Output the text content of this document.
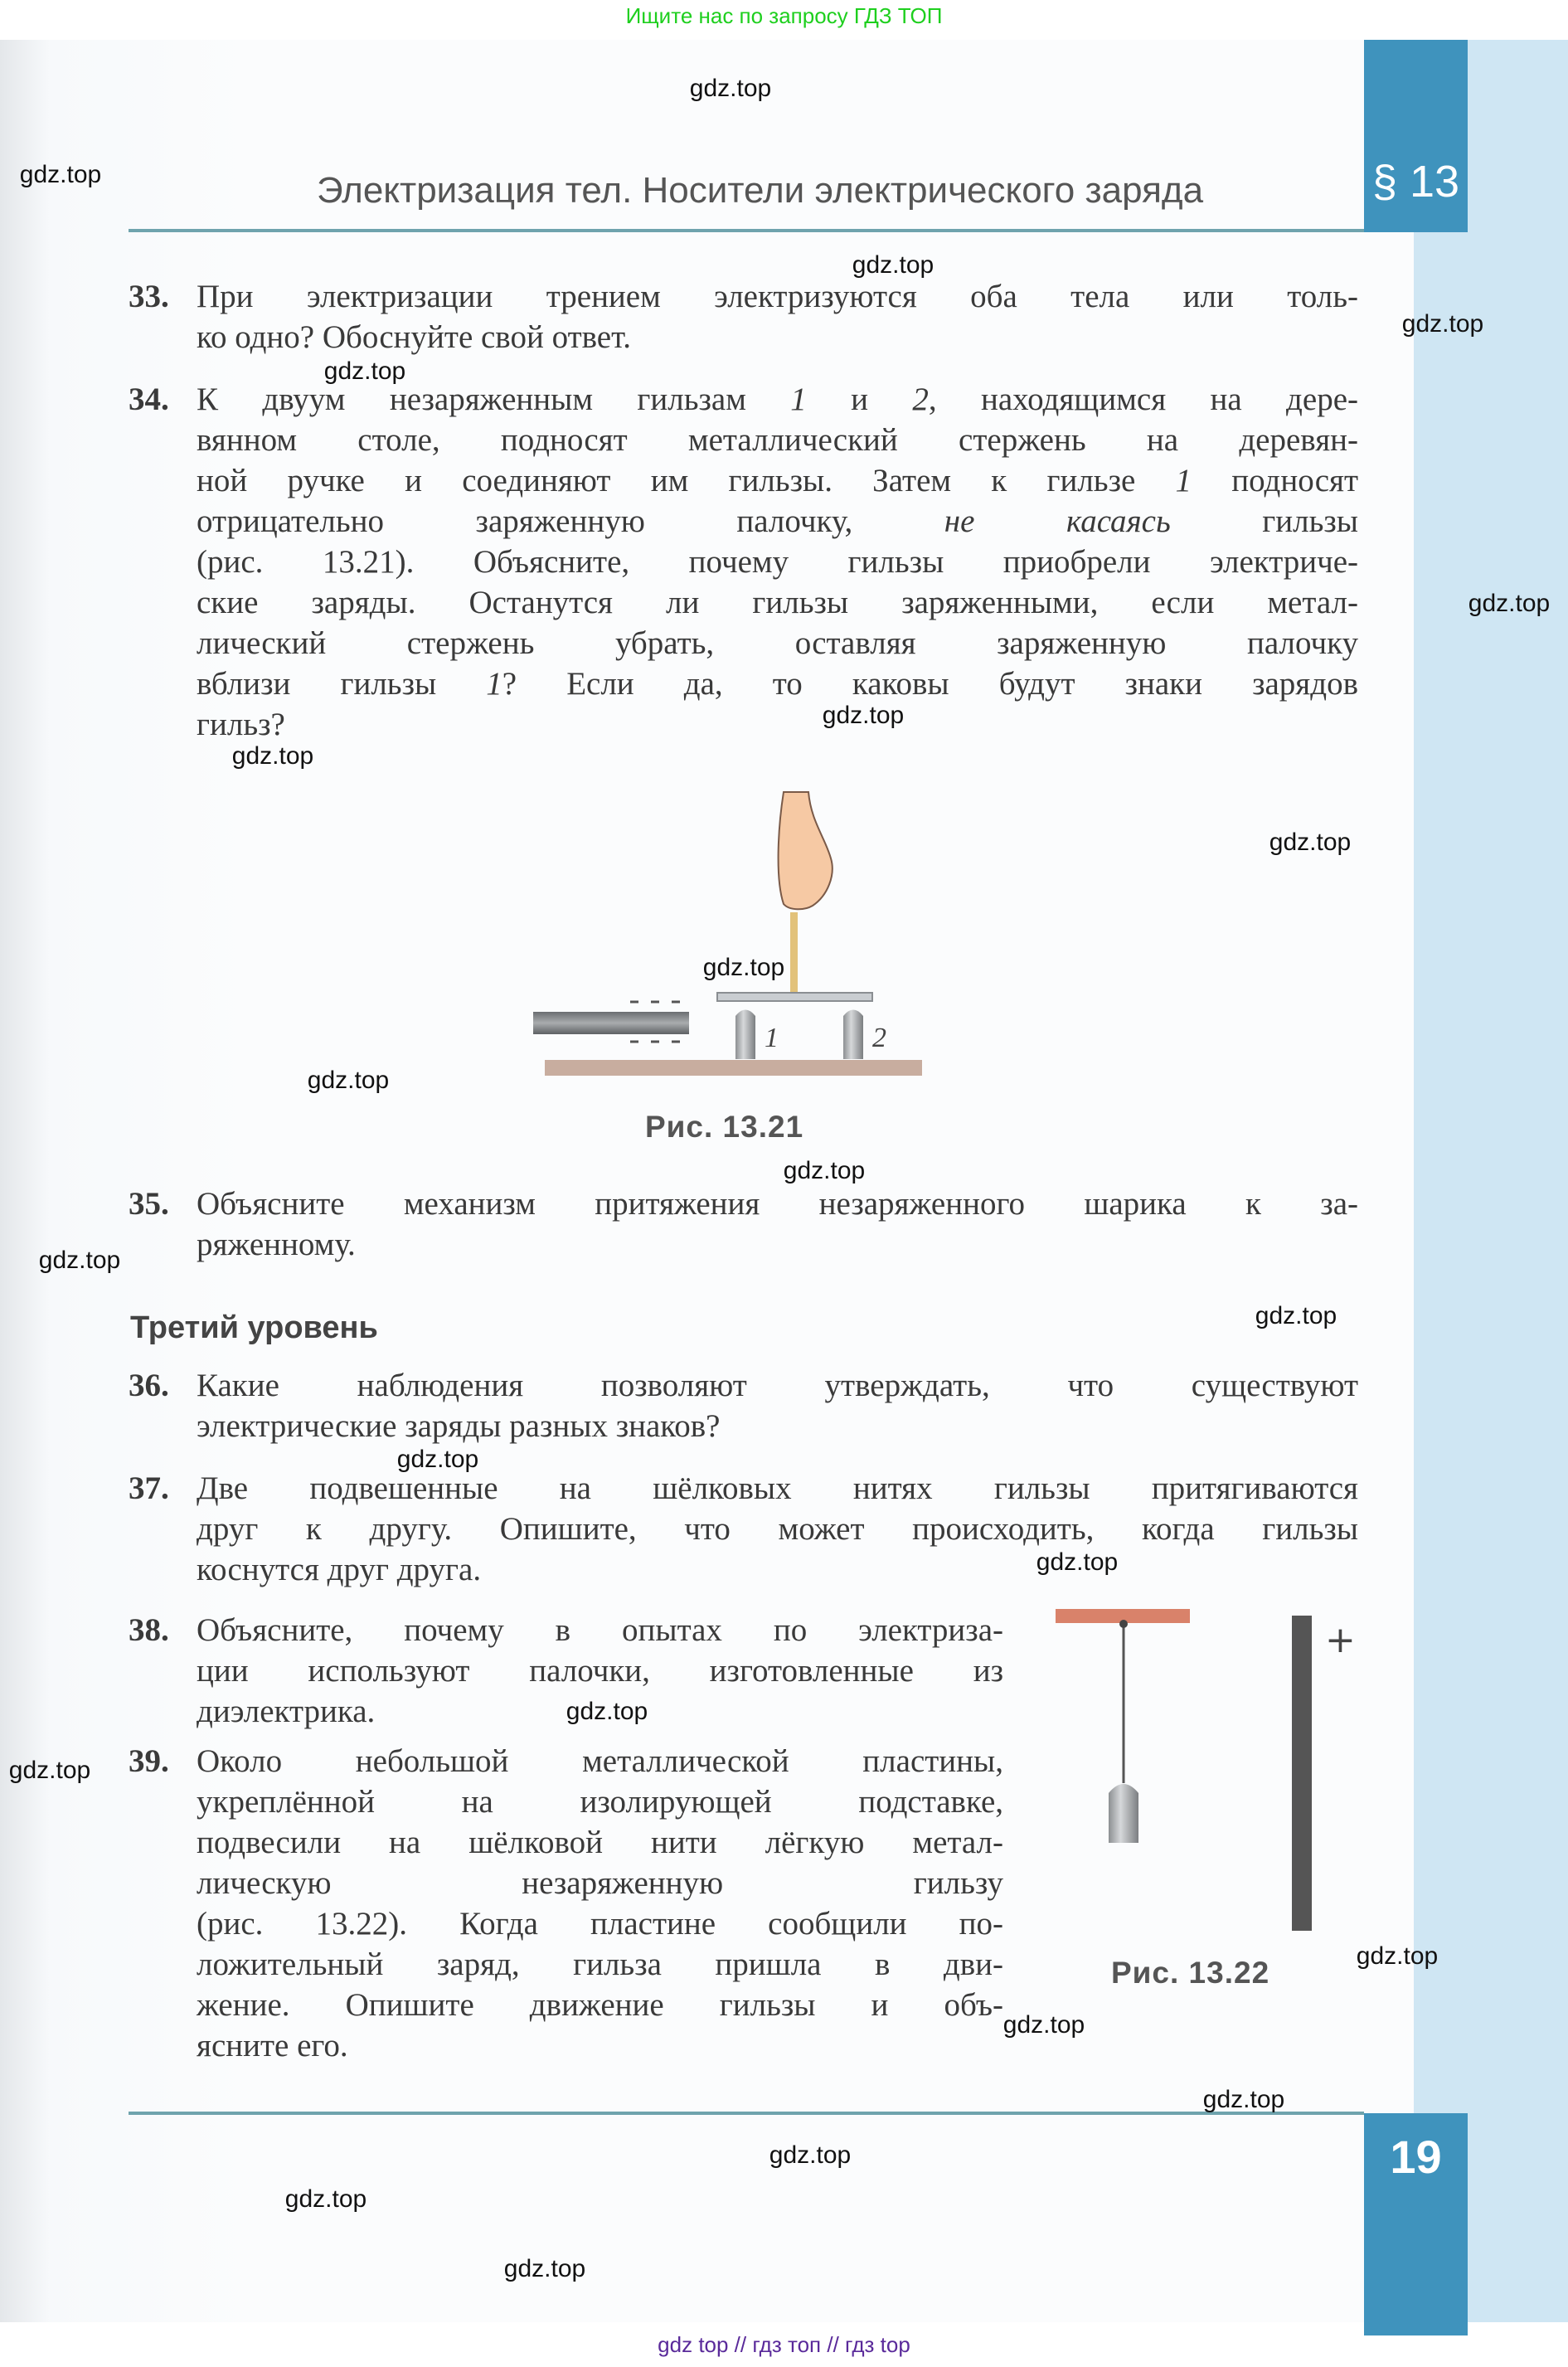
Ищите нас по запросу ГДЗ ТОП
§ 13
Электризация тел. Носители электрического заряда
33. При электризации трением электризуются оба тела или толь-
ко одно? Обоснуйте свой ответ.
34. К двуум незаряженным гильзам 1 и 2, находящимся на дере-
вянном столе, подносят металлический стержень на деревян-
ной ручке и соединяют им гильзы. Затем к гильзе 1 подносят
отрицательно заряженную палочку, не касаясь гильзы
(рис. 13.21). Объясните, почему гильзы приобрели электриче-
ские заряды. Останутся ли гильзы заряженными, если метал-
лический стержень убрать, оставляя заряженную палочку
вблизи гильзы 1? Если да, то каковы будут знаки зарядов
гильз?
35. Объясните механизм притяжения незаряженного шарика к за-
ряженному.
36. Какие наблюдения позволяют утверждать, что существуют
электрические заряды разных знаков?
37. Две подвешенные на шёлковых нитях гильзы притягиваются
друг к другу. Опишите, что может происходить, когда гильзы
коснутся друг друга.
38. Объясните, почему в опытах по электриза-
ции используют палочки, изготовленные из
диэлектрика.
39. Около небольшой металлической пластины,
укреплённой на изолирующей подставке,
подвесили на шёлковой нити лёгкую метал-
лическую незаряженную гильзу
(рис. 13.22). Когда пластине сообщили по-
ложительный заряд, гильза пришла в дви-
жение. Опишите движение гильзы и объ-
ясните его.
Третий уровень
1	2
Рис. 13.21
+
Рис. 13.22
19
gdz.top
gdz.top
gdz.top
gdz.top
gdz.top
gdz.top
gdz.top
gdz.top
gdz.top
gdz.top
gdz.top
gdz.top
gdz.top
gdz.top
gdz.top
gdz.top
gdz.top
gdz.top
gdz.top
gdz.top
gdz.top
gdz.top
gdz.top
gdz.top
gdz top // гдз топ // гдз top
